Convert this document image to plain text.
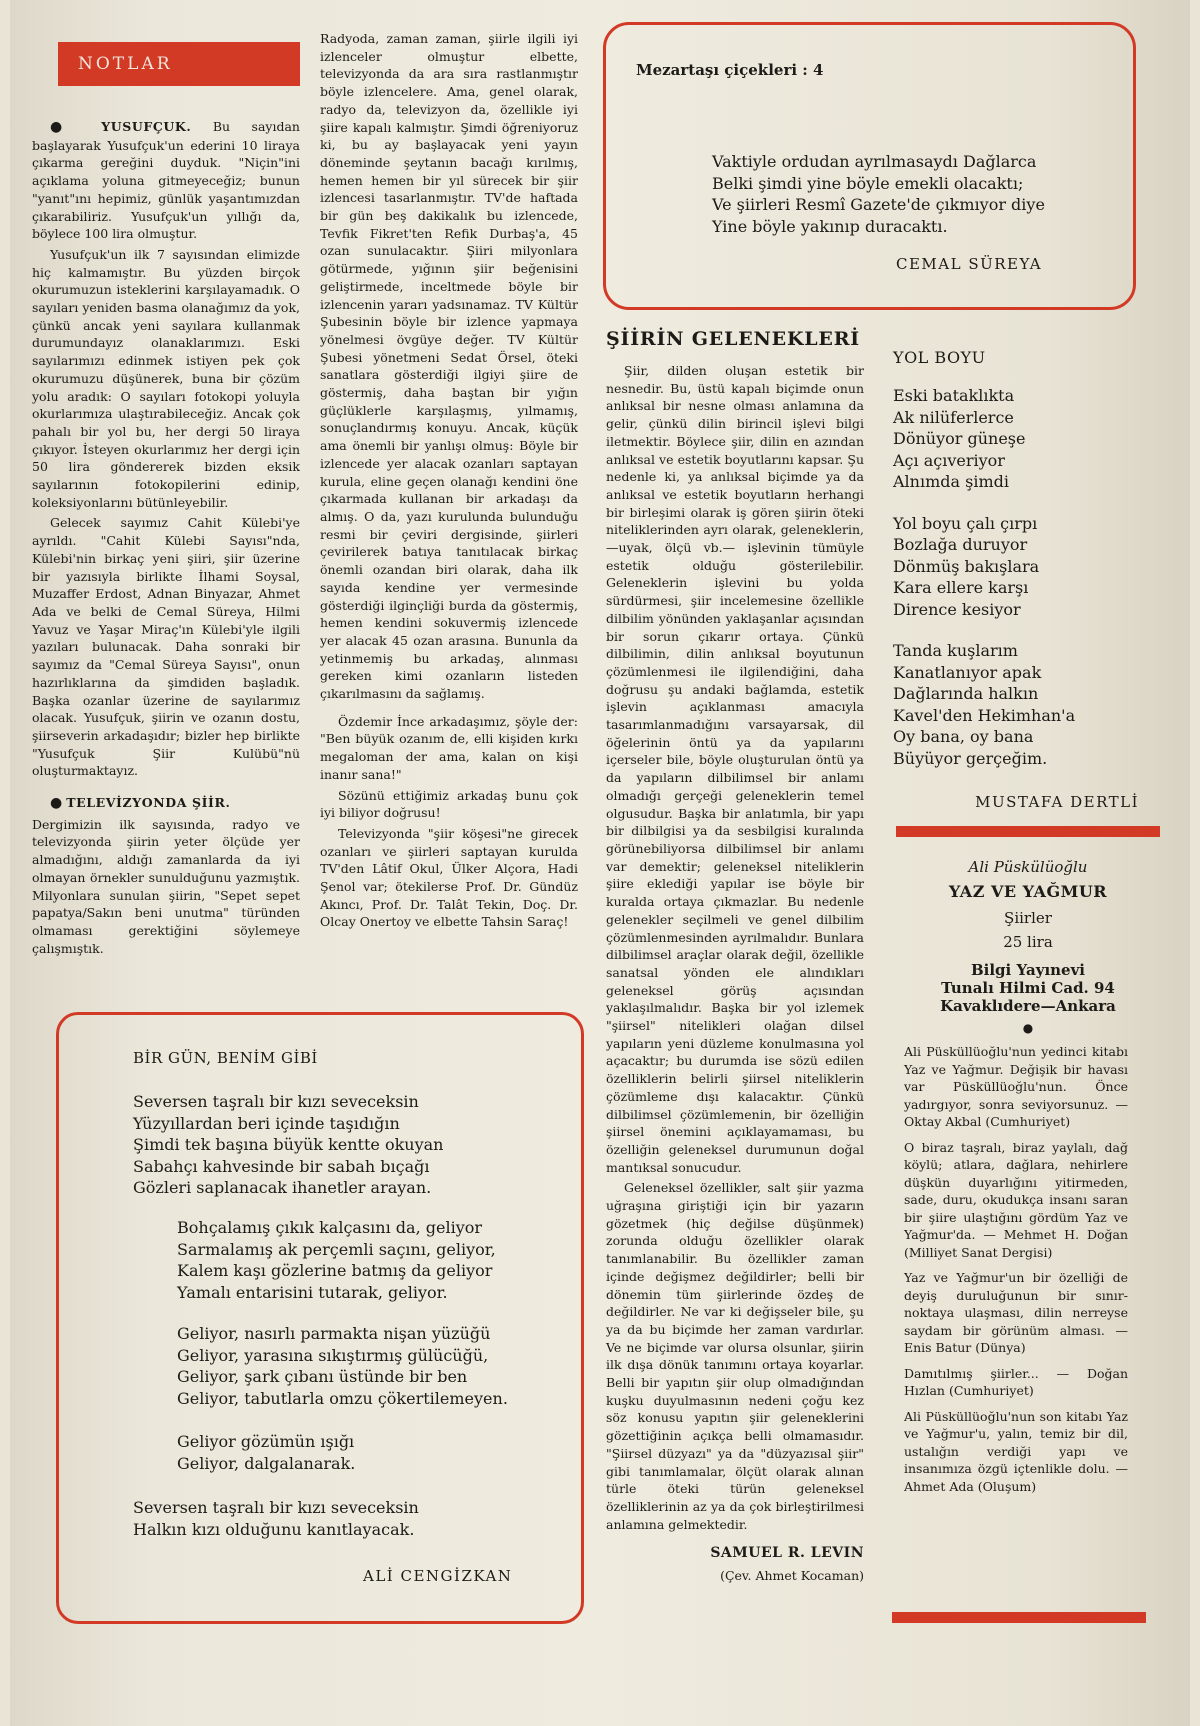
NOTLAR

● YUSUFÇUK. Bu sayıdan başlayarak Yusufçuk'un ederini 10 liraya çıkarma gereğini duyduk. "Niçin"ini açıklama yoluna gitmeyeceğiz; bunun "yanıt"ını hepimiz, günlük yaşantımızdan çıkarabiliriz. Yusufçuk'un yıllığı da, böylece 100 lira olmuştur.

Yusufçuk'un ilk 7 sayısından elimizde hiç kalmamıştır. Bu yüzden birçok okurumuzun isteklerini karşılayamadık. O sayıları yeniden basma olanağımız da yok, çünkü ancak yeni sayılara kullanmak durumundayız olanaklarımızı. Eski sayılarımızı edinmek istiyen pek çok okurumuzu düşünerek, buna bir çözüm yolu aradık: O sayıları fotokopi yoluyla okurlarımıza ulaştırabileceğiz. Ancak çok pahalı bir yol bu, her dergi 50 liraya çıkıyor. İsteyen okurlarımız her dergi için 50 lira göndererek bizden eksik sayılarının fotokopilerini edinip, koleksiyonlarını bütünleyebilir.

Gelecek sayımız Cahit Külebi'ye ayrıldı. "Cahit Külebi Sayısı"nda, Külebi'nin birkaç yeni şiiri, şiir üzerine bir yazısıyla birlikte İlhami Soysal, Muzaffer Erdost, Adnan Binyazar, Ahmet Ada ve belki de Cemal Süreya, Hilmi Yavuz ve Yaşar Miraç'ın Külebi'yle ilgili yazıları bulunacak. Daha sonraki bir sayımız da "Cemal Süreya Sayısı", onun hazırlıklarına da şimdiden başladık. Başka ozanlar üzerine de sayılarımız olacak. Yusufçuk, şiirin ve ozanın dostu, şiirseverin arkadaşıdır; bizler hep birlikte "Yusufçuk Şiir Kulübü"nü oluşturmaktayız.

● TELEVİZYONDA ŞİİR.

Dergimizin ilk sayısında, radyo ve televizyonda şiirin yeter ölçüde yer almadığını, aldığı zamanlarda da iyi olmayan örnekler sunulduğunu yazmıştık. Milyonlara sunulan şiirin, "Sepet sepet papatya/Sakın beni unutma" türünden olmaması gerektiğini söylemeye çalışmıştık.

Radyoda, zaman zaman, şiirle ilgili iyi izlenceler olmuştur elbette, televizyonda da ara sıra rastlanmıştır böyle izlencelere. Ama, genel olarak, radyo da, televizyon da, özellikle iyi şiire kapalı kalmıştır. Şimdi öğreniyoruz ki, bu ay başlayacak yeni yayın döneminde şeytanın bacağı kırılmış, hemen hemen bir yıl sürecek bir şiir izlencesi tasarlanmıştır. TV'de haftada bir gün beş dakikalık bu izlencede, Tevfik Fikret'ten Refik Durbaş'a, 45 ozan sunulacaktır. Şiiri milyonlara götürmede, yığının şiir beğenisini geliştirmede, inceltmede böyle bir izlencenin yararı yadsınamaz. TV Kültür Şubesinin böyle bir izlence yapmaya yönelmesi övgüye değer. TV Kültür Şubesi yönetmeni Sedat Örsel, öteki sanatlara gösterdiği ilgiyi şiire de göstermiş, daha baştan bir yığın güçlüklerle karşılaşmış, yılmamış, sonuçlandırmış konuyu. Ancak, küçük ama önemli bir yanlışı olmuş: Böyle bir izlencede yer alacak ozanları saptayan kurula, eline geçen olanağı kendini öne çıkarmada kullanan bir arkadaşı da almış. O da, yazı kurulunda bulunduğu resmi bir çeviri dergisinde, şiirleri çevirilerek batıya tanıtılacak birkaç önemli ozandan biri olarak, daha ilk sayıda kendine yer vermesinde gösterdiği ilginçliği burda da göstermiş, hemen kendini sokuvermiş izlencede yer alacak 45 ozan arasına. Bununla da yetinmemiş bu arkadaş, alınması gereken kimi ozanların listeden çıkarılmasını da sağlamış.

Özdemir İnce arkadaşımız, şöyle der: "Ben büyük ozanım de, elli kişiden kırkı megaloman der ama, kalan on kişi inanır sana!"

Sözünü ettiğimiz arkadaş bunu çok iyi biliyor doğrusu!

Televizyonda "şiir köşesi"ne girecek ozanları ve şiirleri saptayan kurulda TV'den Lâtif Okul, Ülker Alçora, Hadi Şenol var; ötekilerse Prof. Dr. Gündüz Akıncı, Prof. Dr. Talât Tekin, Doç. Dr. Olcay Onertoy ve elbette Tahsin Saraç!

Mezartaşı çiçekleri : 4

Vaktiyle ordudan ayrılmasaydı Dağlarca

Belki şimdi yine böyle emekli olacaktı;

Ve şiirleri Resmî Gazete'de çıkmıyor diye

Yine böyle yakınıp duracaktı.

CEMAL SÜREYA
ŞİİRİN GELENEKLERİ

Şiir, dilden oluşan estetik bir nesnedir. Bu, üstü kapalı biçimde onun anlıksal bir nesne olması anlamına da gelir, çünkü dilin birincil işlevi bilgi iletmektir. Böylece şiir, dilin en azından anlıksal ve estetik boyutlarını kapsar. Şu nedenle ki, ya anlıksal biçimde ya da anlıksal ve estetik boyutların herhangi bir birleşimi olarak iş gören şiirin öteki niteliklerinden ayrı olarak, geleneklerin, —uyak, ölçü vb.— işlevinin tümüyle estetik olduğu gösterilebilir. Geleneklerin işlevini bu yolda sürdürmesi, şiir incelemesine özellikle dilbilim yönünden yaklaşanlar açısından bir sorun çıkarır ortaya. Çünkü dilbilimin, dilin anlıksal boyutunun çözümlenmesi ile ilgilendiğini, daha doğrusu şu andaki bağlamda, estetik işlevin açıklanması amacıyla tasarımlanmadığını varsayarsak, dil öğelerinin öntü ya da yapılarını içerseler bile, böyle oluşturulan öntü ya da yapıların dilbilimsel bir anlamı olmadığı gerçeği geleneklerin temel olgusudur. Başka bir anlatımla, bir yapı bir dilbilgisi ya da sesbilgisi kuralında görünebiliyorsa dilbilimsel bir anlamı var demektir; geleneksel niteliklerin şiire eklediği yapılar ise böyle bir kuralda ortaya çıkmazlar. Bu nedenle gelenekler seçilmeli ve genel dilbilim çözümlenmesinden ayrılmalıdır. Bunlara dilbilimsel araçlar olarak değil, özellikle sanatsal yönden ele alındıkları geleneksel görüş açısından yaklaşılmalıdır. Başka bir yol izlemek "şiirsel" nitelikleri olağan dilsel yapıların yeni düzleme konulmasına yol açacaktır; bu durumda ise sözü edilen özelliklerin belirli şiirsel niteliklerin çözümleme dışı kalacaktır. Çünkü dilbilimsel çözümlemenin, bir özelliğin şiirsel önemini açıklayamaması, bu özelliğin geleneksel durumunun doğal mantıksal sonucudur.

Geleneksel özellikler, salt şiir yazma uğraşına giriştiği için bir yazarın gözetmek (hiç değilse düşünmek) zorunda olduğu özellikler olarak tanımlanabilir. Bu özellikler zaman içinde değişmez değildirler; belli bir dönemin tüm şiirlerinde özdeş de değildirler. Ne var ki değişseler bile, şu ya da bu biçimde her zaman vardırlar. Ve ne biçimde var olursa olsunlar, şiirin ilk dışa dönük tanımını ortaya koyarlar. Belli bir yapıtın şiir olup olmadığından kuşku duyulmasının nedeni çoğu kez söz konusu yapıtın şiir geleneklerini gözettiğinin açıkça belli olmamasıdır. "Şiirsel düzyazı" ya da "düzyazısal şiir" gibi tanımlamalar, ölçüt olarak alınan türle öteki türün geleneksel özelliklerinin az ya da çok birleştirilmesi anlamına gelmektedir.

SAMUEL R. LEVIN
(Çev. Ahmet Kocaman)
YOL BOYU

Eski bataklıkta

Ak nilüferlerce

Dönüyor güneşe

Açı açıveriyor

Alnımda şimdi

Yol boyu çalı çırpı

Bozlağa duruyor

Dönmüş bakışlara

Kara ellere karşı

Dirence kesiyor

Tanda kuşlarım

Kanatlanıyor apak

Dağlarında halkın

Kavel'den Hekimhan'a

Oy bana, oy bana

Büyüyor gerçeğim.

MUSTAFA DERTLİ
Ali Püskülüoğlu
YAZ VE YAĞMUR
Şiirler
25 lira
Bilgi Yayınevi
Tunalı Hilmi Cad. 94
Kavaklıdere—Ankara
●

Ali Püsküllüoğlu'nun yedinci kitabı Yaz ve Yağmur. Değişik bir havası var Püsküllüoğlu'nun. Önce yadırgıyor, sonra seviyorsunuz. — Oktay Akbal (Cumhuriyet)

O biraz taşralı, biraz yaylalı, dağ köylü; atlara, dağlara, nehirlere düşkün duyarlığını yitirmeden, sade, duru, okudukça insanı saran bir şiire ulaştığını gördüm Yaz ve Yağmur'da. — Mehmet H. Doğan (Milliyet Sanat Dergisi)

Yaz ve Yağmur'un bir özelliği de deyiş duruluğunun bir sınır-noktaya ulaşması, dilin nerreyse saydam bir görünüm alması. — Enis Batur (Dünya)

Damıtılmış şiirler... — Doğan Hızlan (Cumhuriyet)

Ali Püsküllüoğlu'nun son kitabı Yaz ve Yağmur'u, yalın, temiz bir dil, ustalığın verdiği yapı ve insanımıza özgü içtenlikle dolu. — Ahmet Ada (Oluşum)

BİR GÜN, BENİM GİBİ

Seversen taşralı bir kızı seveceksin

Yüzyıllardan beri içinde taşıdığın

Şimdi tek başına büyük kentte okuyan

Sabahçı kahvesinde bir sabah bıçağı

Gözleri saplanacak ihanetler arayan.

Bohçalamış çıkık kalçasını da, geliyor

Sarmalamış ak perçemli saçını, geliyor,

Kalem kaşı gözlerine batmış da geliyor

Yamalı entarisini tutarak, geliyor.

Geliyor, nasırlı parmakta nişan yüzüğü

Geliyor, yarasına sıkıştırmış gülücüğü,

Geliyor, şark çıbanı üstünde bir ben

Geliyor, tabutlarla omzu çökertilemeyen.

Geliyor gözümün ışığı

Geliyor, dalgalanarak.

Seversen taşralı bir kızı seveceksin

Halkın kızı olduğunu kanıtlayacak.

ALİ CENGİZKAN
